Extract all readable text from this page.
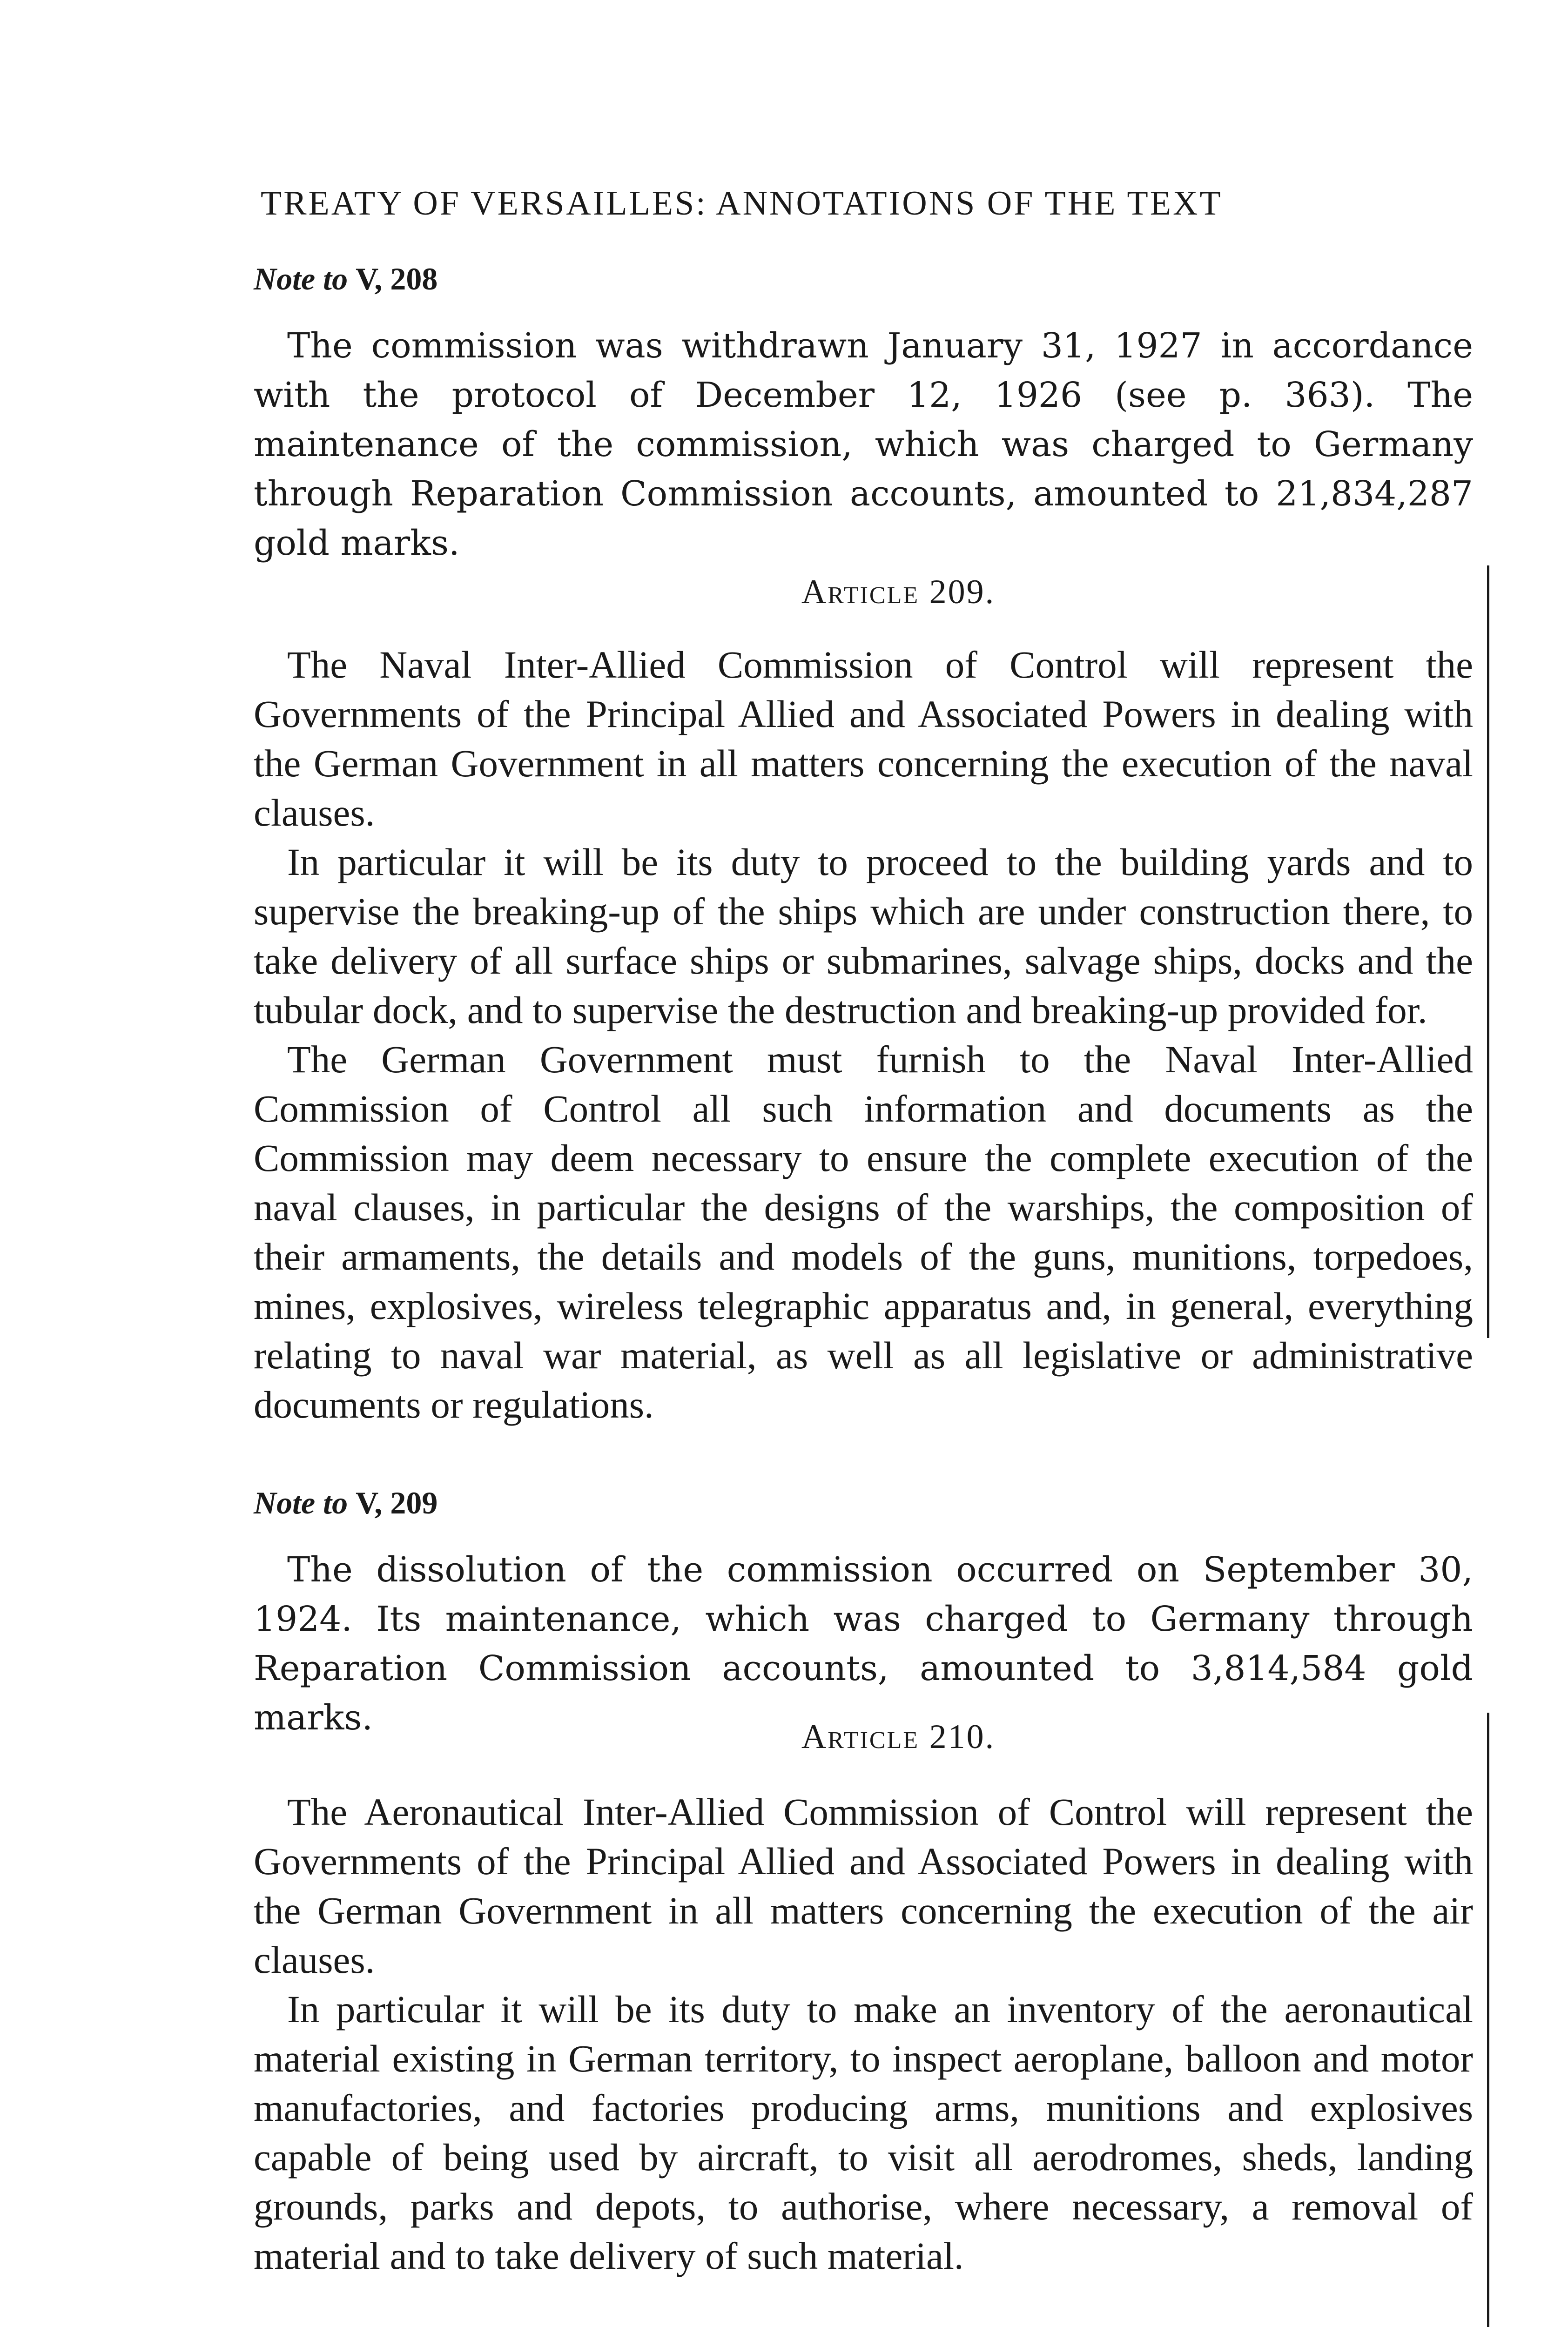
TREATY OF VERSAILLES: ANNOTATIONS OF THE TEXT
Note to V, 208

The commission was withdrawn January 31, 1927 in accordance with the protocol of December 12, 1926 (see p. 363). The maintenance of the commission, which was charged to Germany through Reparation Commission accounts, amounted to 21,834,287 gold marks.

Article 209.

The Naval Inter-Allied Commission of Control will represent the Governments of the Principal Allied and Associated Powers in dealing with the German Government in all matters concerning the execution of the naval clauses.

In particular it will be its duty to proceed to the building yards and to supervise the breaking-up of the ships which are under construction there, to take delivery of all surface ships or submarines, salvage ships, docks and the tubular dock, and to supervise the destruction and breaking-up provided for.

The German Government must furnish to the Naval Inter-Allied Commission of Control all such information and documents as the Commission may deem necessary to ensure the complete execution of the naval clauses, in particular the designs of the warships, the composition of their armaments, the details and models of the guns, munitions, torpedoes, mines, explosives, wireless telegraphic apparatus and, in general, everything relating to naval war material, as well as all legislative or administrative documents or regulations.

Note to V, 209

The dissolution of the commission occurred on September 30, 1924. Its maintenance, which was charged to Germany through Reparation Commission accounts, amounted to 3,814,584 gold marks.	Article 210.

The Aeronautical Inter-Allied Commission of Control will represent the Governments of the Principal Allied and Associated Powers in dealing with the German Government in all matters concerning the execution of the air clauses.

In particular it will be its duty to make an inventory of the aeronautical material existing in German territory, to inspect aeroplane, balloon and motor manufactories, and factories producing arms, munitions and explosives capable of being used by aircraft, to visit all aerodromes, sheds, landing grounds, parks and depots, to authorise, where necessary, a removal of material and to take delivery of such material.
